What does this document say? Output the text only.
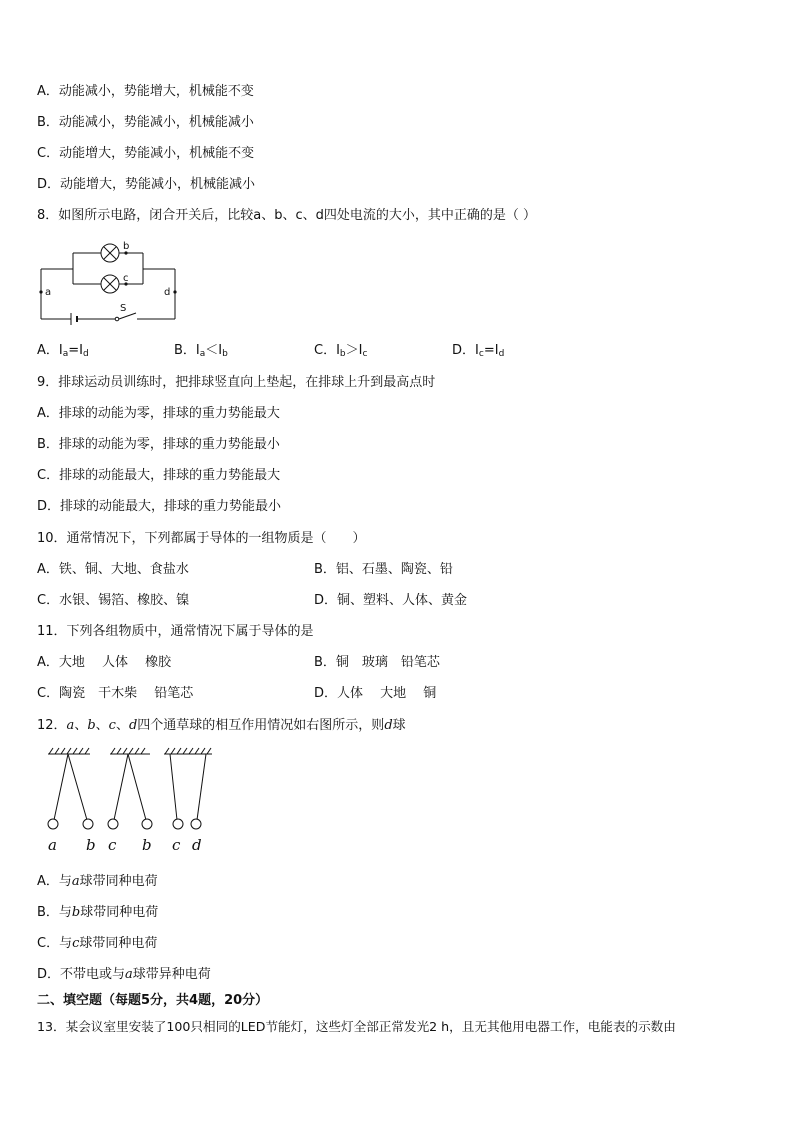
A．动能减小，势能增大，机械能不变
B．动能减小，势能减小，机械能减小
C．动能增大，势能减小，机械能不变
D．动能增大，势能减小，机械能减小
8．如图所示电路，闭合开关后，比较a、b、c、d四处电流的大小，其中正确的是（ ）
a
b
c
d
S
A．$I_a=I_d$	B．$I_a<I_b$	C．$I_b>I_c$	D．$I_c=I_d$
9．排球运动员训练时，把排球竖直向上垫起，在排球上升到最高点时
A．排球的动能为零，排球的重力势能最大
B．排球的动能为零，排球的重力势能最小
C．排球的动能最大，排球的重力势能最大
D．排球的动能最大，排球的重力势能最小
10．通常情况下，下列都属于导体的一组物质是（　　）
A．铁、铜、大地、食盐水	B．铝、石墨、陶瓷、铅
C．水银、锡箔、橡胶、镍	D．铜、塑料、人体、黄金
11．下列各组物质中，通常情况下属于导体的是
A．大地　 人体　 橡胶	B．铜　玻璃　铅笔芯
C．陶瓷　干木柴　 铅笔芯	D．人体　 大地　 铜
12．a、b、c、d四个通草球的相互作用情况如右图所示，则d球
a b c b c d
A．与a球带同种电荷
B．与b球带同种电荷
C．与c球带同种电荷
D．不带电或与a球带异种电荷
二、填空题（每题5分，共4题，20分）
13．某会议室里安装了100只相同的LED节能灯，这些灯全部正常发光2 h，且无其他用电器工作，电能表的示数由
